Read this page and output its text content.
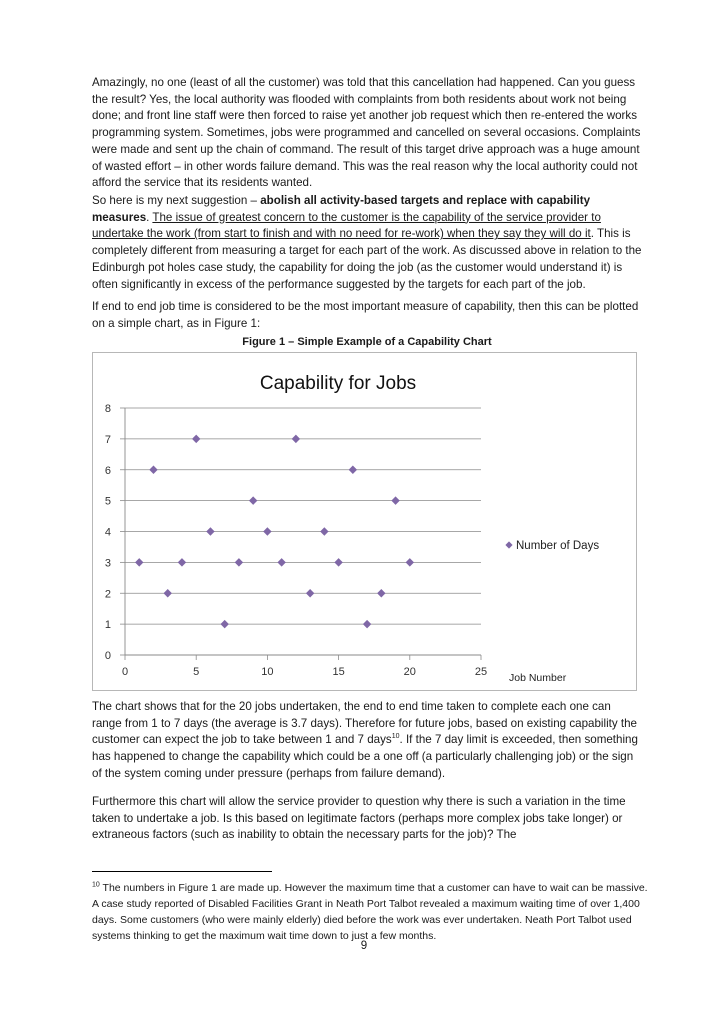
Amazingly, no one (least of all the customer) was told that this cancellation had happened. Can you guess the result? Yes, the local authority was flooded with complaints from both residents about work not being done; and front line staff were then forced to raise yet another job request which then re-entered the works programming system. Sometimes, jobs were programmed and cancelled on several occasions. Complaints were made and sent up the chain of command. The result of this target drive approach was a huge amount of wasted effort – in other words failure demand. This was the real reason why the local authority could not afford the service that its residents wanted.

So here is my next suggestion – abolish all activity-based targets and replace with capability measures. The issue of greatest concern to the customer is the capability of the service provider to undertake the work (from start to finish and with no need for re-work) when they say they will do it. This is completely different from measuring a target for each part of the work. As discussed above in relation to the Edinburgh pot holes case study, the capability for doing the job (as the customer would understand it) is often significantly in excess of the performance suggested by the targets for each part of the job.

If end to end job time is considered to be the most important measure of capability, then this can be plotted on a simple chart, as in Figure 1:

Figure 1 – Simple Example of a Capability Chart

0
1
2
3
4
5
6
7
8
0	5	10	15	20	25
Capability for Jobs
Number of Days
Job Number

The chart shows that for the 20 jobs undertaken, the end to end time taken to complete each one can range from 1 to 7 days (the average is 3.7 days). Therefore for future jobs, based on existing capability the customer can expect the job to take between 1 and 7 days$^{10}$. If the 7 day limit is exceeded, then something has happened to change the capability which could be a one off (a particularly challenging job) or the sign of the system coming under pressure (perhaps from failure demand).

Furthermore this chart will allow the service provider to question why there is such a variation in the time taken to undertake a job. Is this based on legitimate factors (perhaps more complex jobs take longer) or extraneous factors (such as inability to obtain the necessary parts for the job)? The

$^{10}$ The numbers in Figure 1 are made up. However the maximum time that a customer can have to wait can be massive. A case study reported of Disabled Facilities Grant in Neath Port Talbot revealed a maximum waiting time of over 1,400 days. Some customers (who were mainly elderly) died before the work was ever undertaken. Neath Port Talbot used systems thinking to get the maximum wait time down to just a few months.

9
